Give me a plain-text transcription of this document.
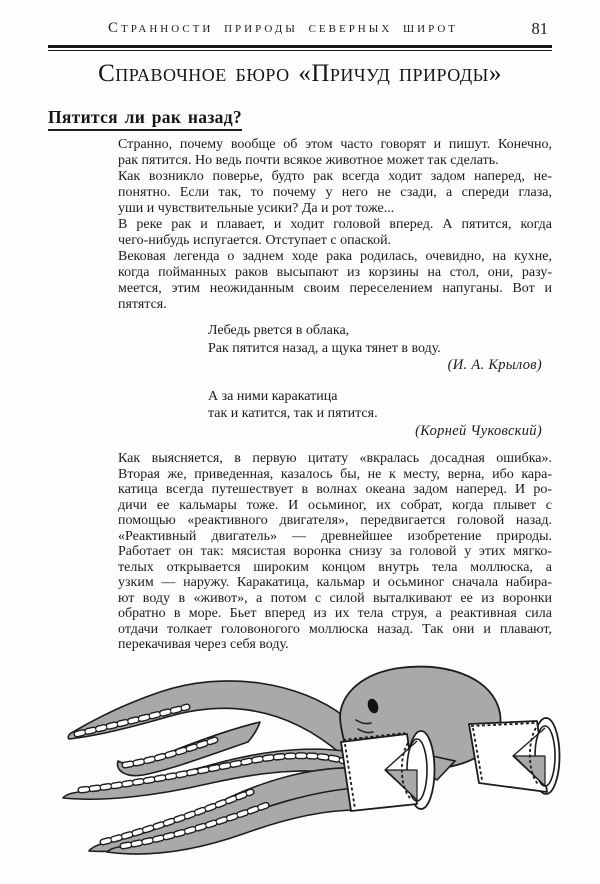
Странности природы северных широт	81
Справочное бюро «Причуд природы»
Пятится ли рак назад?
Странно, почему вообще об этом часто говорят и пишут. Конечно,
рак пятится. Но ведь почти всякое животное может так сделать.
Как возникло поверье, будто рак всегда ходит задом наперед, не-
понятно. Если так, то почему у него не сзади, а спереди глаза,
уши и чувствительные усики? Да и рот тоже...
В реке рак и плавает, и ходит головой вперед. А пятится, когда
чего-нибудь испугается. Отступает с опаской.
Вековая легенда о заднем ходе рака родилась, очевидно, на кухне,
когда пойманных раков высыпают из корзины на стол, они, разу-
меется, этим неожиданным своим переселением напуганы. Вот и
пятятся.
Лебедь рвется в облака,
Рак пятится назад, а щука тянет в воду.
(И. А. Крылов)
А за ними каракатица
так и катится, так и пятится.
(Корней Чуковский)
Как выясняется, в первую цитату «вкралась досадная ошибка».
Вторая же, приведенная, казалось бы, не к месту, верна, ибо кара-
катица всегда путешествует в волнах океана задом наперед. И ро-
дичи ее кальмары тоже. И осьминог, их собрат, когда плывет с
помощью «реактивного двигателя», передвигается головой назад.
«Реактивный двигатель» — древнейшее изобретение природы.
Работает он так: мясистая воронка снизу за головой у этих мягко-
телых открывается широким концом внутрь тела моллюска, а
узким — наружу. Каракатица, кальмар и осьминог сначала набира-
ют воду в «живот», а потом с силой выталкивают ее из воронки
обратно в море. Бьет вперед из их тела струя, а реактивная сила
отдачи толкает головоногого моллюска назад. Так они и плавают,
перекачивая через себя воду.
